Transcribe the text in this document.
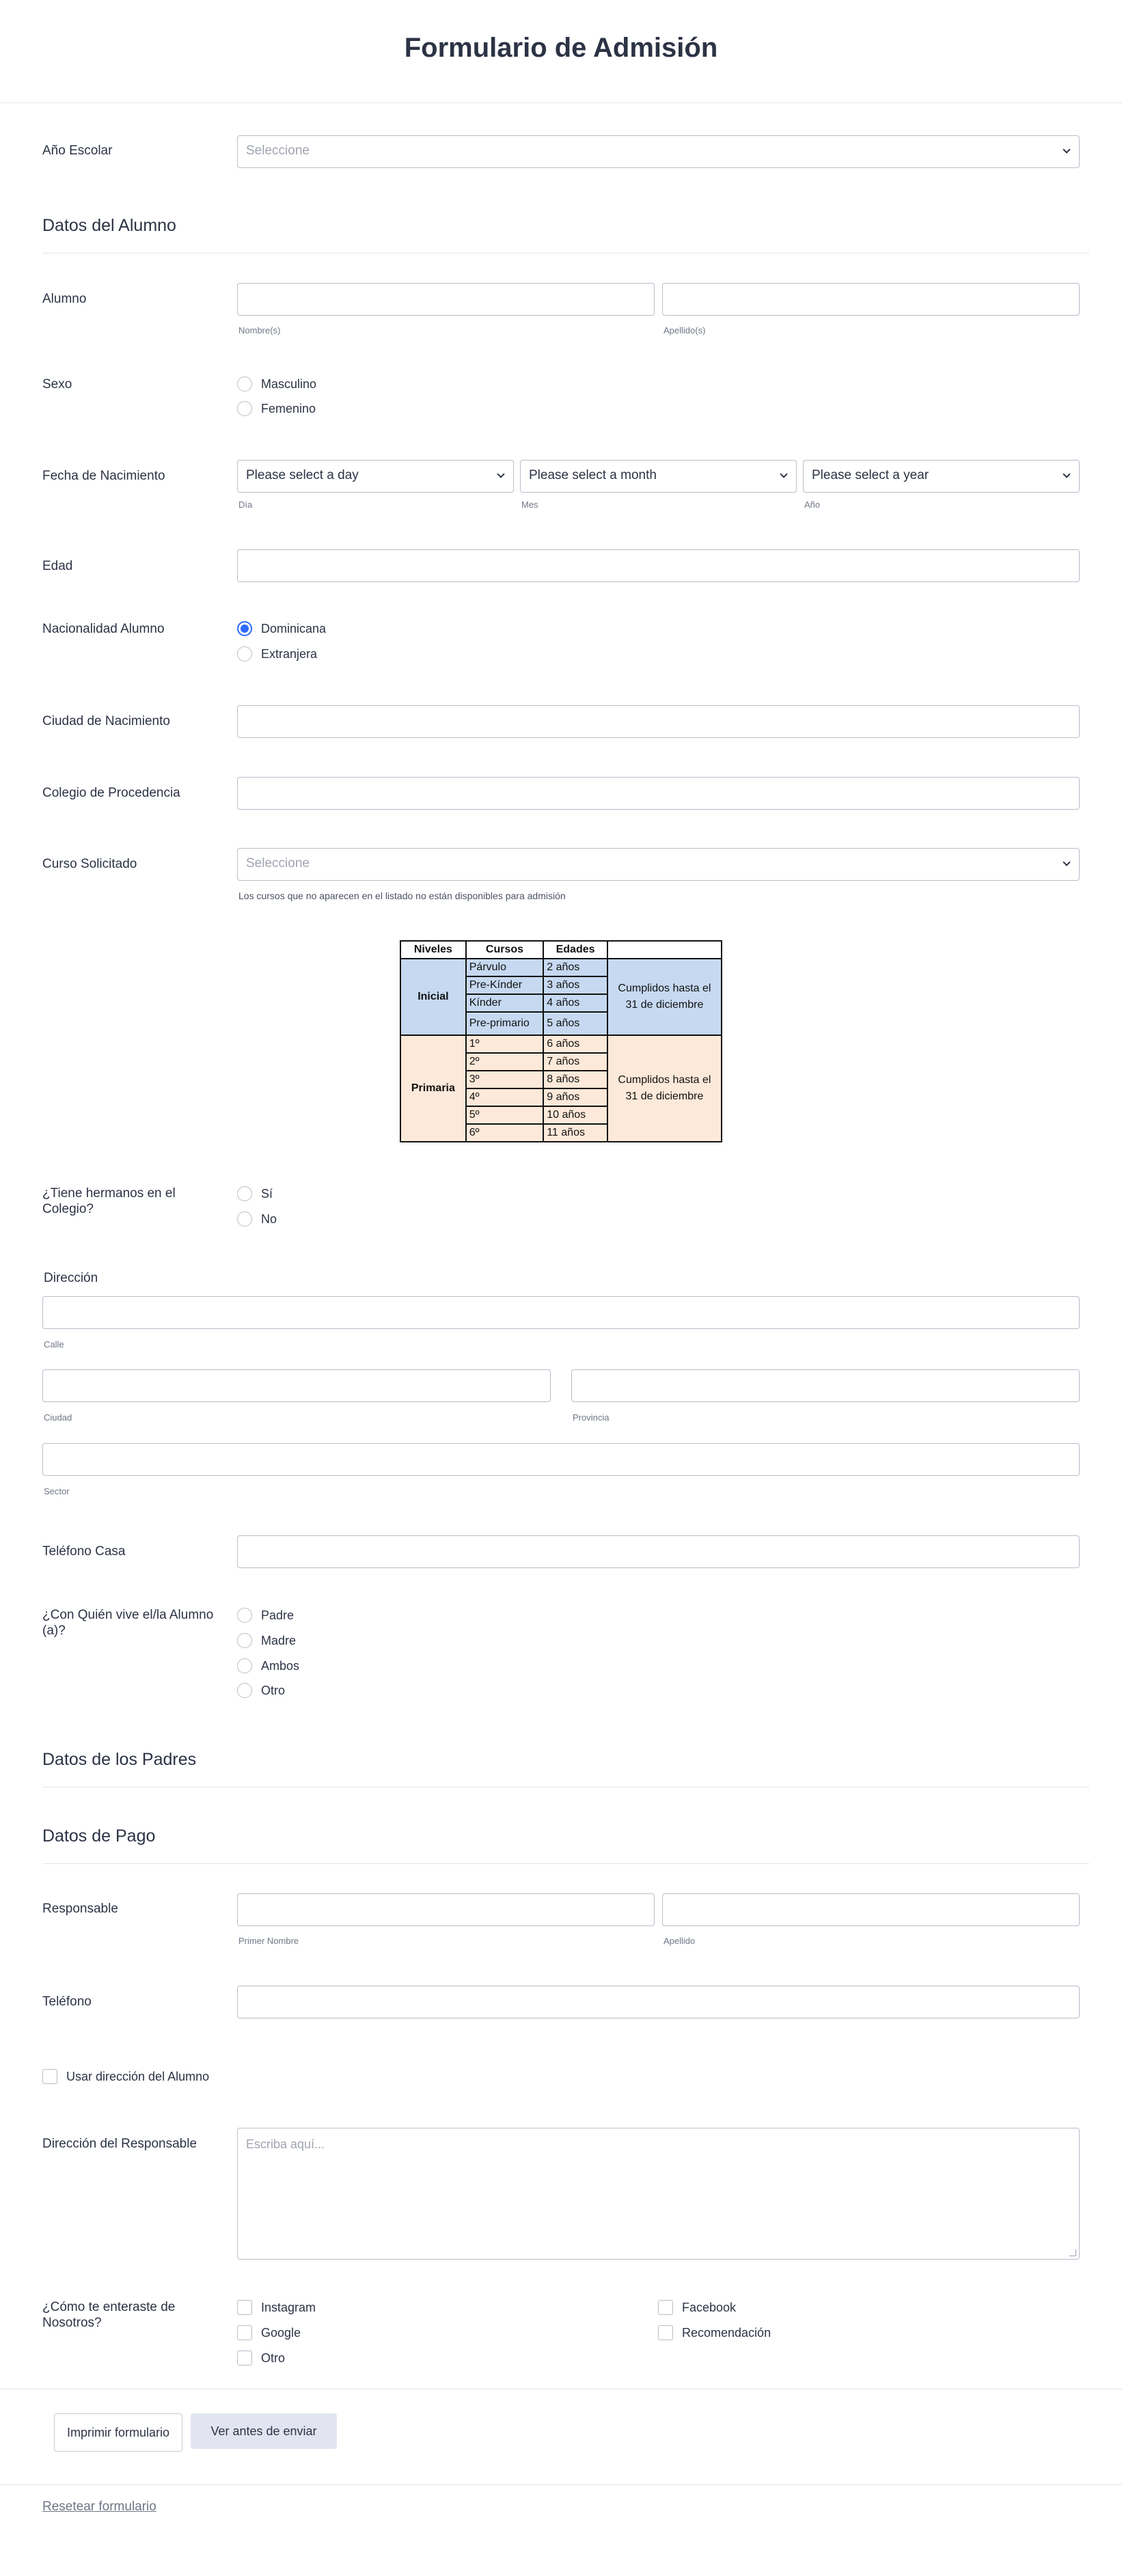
Formulario de Admisión
Año Escolar	Seleccione
Datos del Alumno
Alumno
Nombre(s)	Apellido(s)
Sexo	Masculino
Femenino
Fecha de Nacimiento	Please select a day	Please select a month	Please select a year
Día	Mes	Año
Edad
Nacionalidad Alumno	Dominicana
Extranjera
Ciudad de Nacimiento
Colegio de Procedencia
Curso Solicitado	Seleccione
Los cursos que no aparecen en el listado no están disponibles para admisión
Niveles	Cursos	Edades	
Inicial	Párvulo	2 años	Cumplidos hasta el 31 de diciembre
	Pre-Kínder	3 años	
	Kínder	4 años	
	Pre-primario	5 años	
Primaria	1º	6 años	Cumplidos hasta el 31 de diciembre
	2º	7 años	
	3º	8 años	
	4º	9 años	
	5º	10 años	
	6º	11 años	
¿Tiene hermanos en el Colegio?
Sí
No
Dirección
Calle
Ciudad	Provincia
Sector
Teléfono Casa
¿Con Quién vive el/la Alumno (a)?
Padre
Madre
Ambos
Otro
Datos de los Padres
Datos de Pago
Responsable
Primer Nombre	Apellido
Teléfono
Usar dirección del Alumno
Dirección del Responsable	Escriba aquí...
¿Cómo te enteraste de Nosotros?
Instagram
Google
Otro
Facebook
Recomendación
Imprimir formulario	Ver antes de enviar
Resetear formulario
